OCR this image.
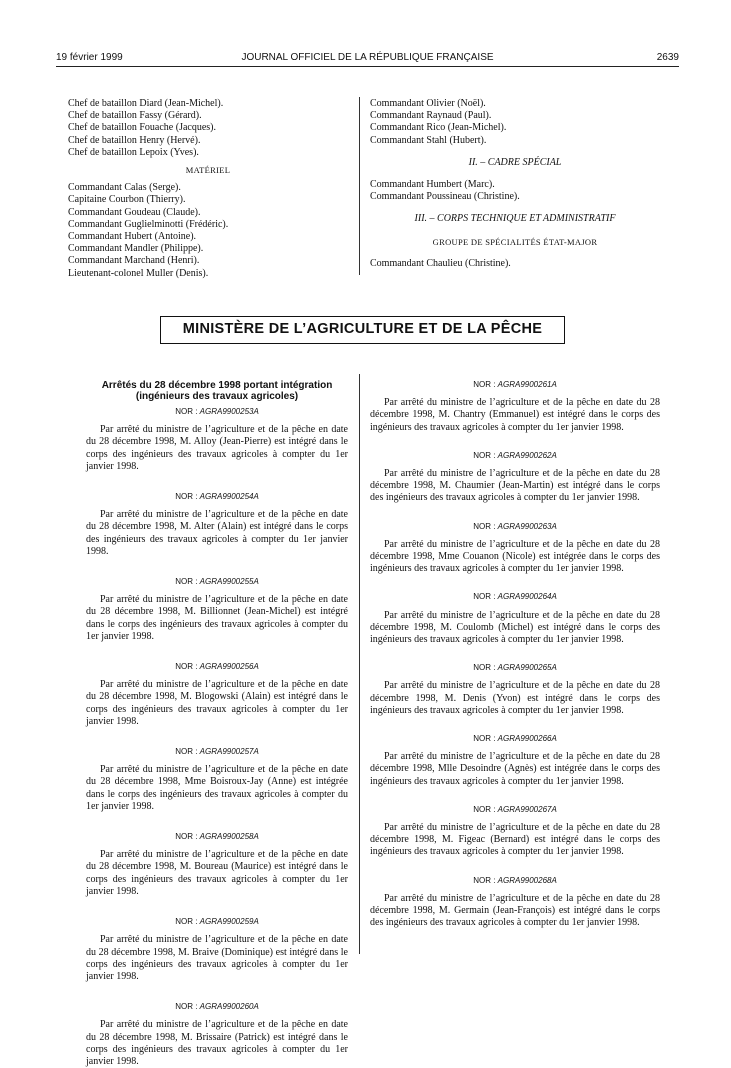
19 février 1999	JOURNAL OFFICIEL DE LA RÉPUBLIQUE FRANÇAISE	2639
Chef de bataillon Diard (Jean-Michel).
Chef de bataillon Fassy (Gérard).
Chef de bataillon Fouache (Jacques).
Chef de bataillon Henry (Hervé).
Chef de bataillon Lepoix (Yves).
MATÉRIEL
Commandant Calas (Serge).
Capitaine Courbon (Thierry).
Commandant Goudeau (Claude).
Commandant Guglielminotti (Frédéric).
Commandant Hubert (Antoine).
Commandant Mandler (Philippe).
Commandant Marchand (Henri).
Lieutenant-colonel Muller (Denis).
Commandant Olivier (Noël).
Commandant Raynaud (Paul).
Commandant Rico (Jean-Michel).
Commandant Stahl (Hubert).
II. – CADRE SPÉCIAL
Commandant Humbert (Marc).
Commandant Poussineau (Christine).
III. – CORPS TECHNIQUE ET ADMINISTRATIF
GROUPE DE SPÉCIALITÉS ÉTAT-MAJOR
Commandant Chaulieu (Christine).
MINISTÈRE DE L’AGRICULTURE ET DE LA PÊCHE
Arrêtés du 28 décembre 1998 portant intégration
(ingénieurs des travaux agricoles)
NOR : AGRA9900253A
Par arrêté du ministre de l’agriculture et de la pêche en date du 28 décembre 1998, M. Alloy (Jean-Pierre) est intégré dans le corps des ingénieurs des travaux agricoles à compter du 1er janvier 1998.
NOR : AGRA9900254A
Par arrêté du ministre de l’agriculture et de la pêche en date du 28 décembre 1998, M. Alter (Alain) est intégré dans le corps des ingénieurs des travaux agricoles à compter du 1er janvier 1998.
NOR : AGRA9900255A
Par arrêté du ministre de l’agriculture et de la pêche en date du 28 décembre 1998, M. Billionnet (Jean-Michel) est intégré dans le corps des ingénieurs des travaux agricoles à compter du 1er janvier 1998.
NOR : AGRA9900256A
Par arrêté du ministre de l’agriculture et de la pêche en date du 28 décembre 1998, M. Blogowski (Alain) est intégré dans le corps des ingénieurs des travaux agricoles à compter du 1er janvier 1998.
NOR : AGRA9900257A
Par arrêté du ministre de l’agriculture et de la pêche en date du 28 décembre 1998, Mme Boisroux-Jay (Anne) est intégrée dans le corps des ingénieurs des travaux agricoles à compter du 1er janvier 1998.
NOR : AGRA9900258A
Par arrêté du ministre de l’agriculture et de la pêche en date du 28 décembre 1998, M. Boureau (Maurice) est intégré dans le corps des ingénieurs des travaux agricoles à compter du 1er janvier 1998.
NOR : AGRA9900259A
Par arrêté du ministre de l’agriculture et de la pêche en date du 28 décembre 1998, M. Braive (Dominique) est intégré dans le corps des ingénieurs des travaux agricoles à compter du 1er janvier 1998.
NOR : AGRA9900260A
Par arrêté du ministre de l’agriculture et de la pêche en date du 28 décembre 1998, M. Brissaire (Patrick) est intégré dans le corps des ingénieurs des travaux agricoles à compter du 1er janvier 1998.
NOR : AGRA9900261A
Par arrêté du ministre de l’agriculture et de la pêche en date du 28 décembre 1998, M. Chantry (Emmanuel) est intégré dans le corps des ingénieurs des travaux agricoles à compter du 1er janvier 1998.
NOR : AGRA9900262A
Par arrêté du ministre de l’agriculture et de la pêche en date du 28 décembre 1998, M. Chaumier (Jean-Martin) est intégré dans le corps des ingénieurs des travaux agricoles à compter du 1er janvier 1998.
NOR : AGRA9900263A
Par arrêté du ministre de l’agriculture et de la pêche en date du 28 décembre 1998, Mme Couanon (Nicole) est intégrée dans le corps des ingénieurs des travaux agricoles à compter du 1er janvier 1998.
NOR : AGRA9900264A
Par arrêté du ministre de l’agriculture et de la pêche en date du 28 décembre 1998, M. Coulomb (Michel) est intégré dans le corps des ingénieurs des travaux agricoles à compter du 1er janvier 1998.
NOR : AGRA9900265A
Par arrêté du ministre de l’agriculture et de la pêche en date du 28 décembre 1998, M. Denis (Yvon) est intégré dans le corps des ingénieurs des travaux agricoles à compter du 1er janvier 1998.
NOR : AGRA9900266A
Par arrêté du ministre de l’agriculture et de la pêche en date du 28 décembre 1998, Mlle Desoindre (Agnès) est intégrée dans le corps des ingénieurs des travaux agricoles à compter du 1er janvier 1998.
NOR : AGRA9900267A
Par arrêté du ministre de l’agriculture et de la pêche en date du 28 décembre 1998, M. Figeac (Bernard) est intégré dans le corps des ingénieurs des travaux agricoles à compter du 1er janvier 1998.
NOR : AGRA9900268A
Par arrêté du ministre de l’agriculture et de la pêche en date du 28 décembre 1998, M. Germain (Jean-François) est intégré dans le corps des ingénieurs des travaux agricoles à compter du 1er janvier 1998.
